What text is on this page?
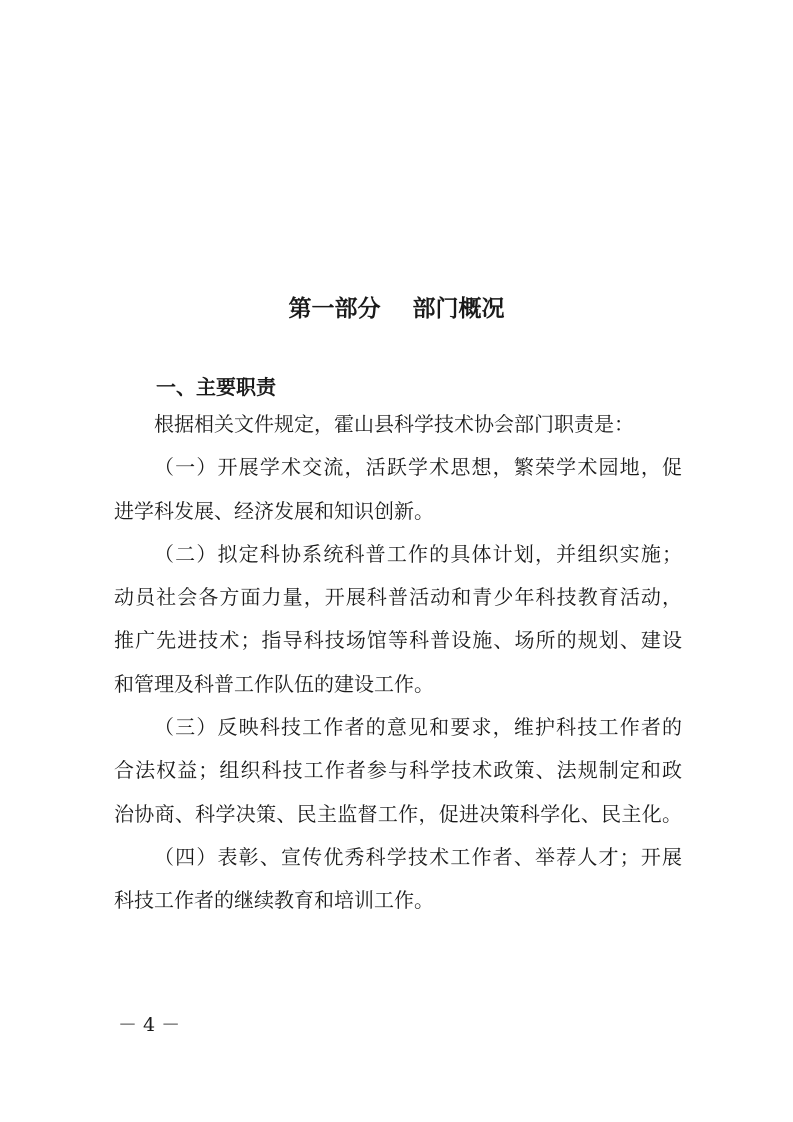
第一部分    部门概况
一、主要职责
根据相关文件规定，霍山县科学技术协会部门职责是：
（一）开展学术交流，活跃学术思想，繁荣学术园地，促
进学科发展、经济发展和知识创新。
（二）拟定科协系统科普工作的具体计划，并组织实施；
动员社会各方面力量，开展科普活动和青少年科技教育活动，
推广先进技术；指导科技场馆等科普设施、场所的规划、建设
和管理及科普工作队伍的建设工作。
（三）反映科技工作者的意见和要求，维护科技工作者的
合法权益；组织科技工作者参与科学技术政策、法规制定和政
治协商、科学决策、民主监督工作，促进决策科学化、民主化。
（四）表彰、宣传优秀科学技术工作者、举荐人才；开展
科技工作者的继续教育和培训工作。
－ 4 －
